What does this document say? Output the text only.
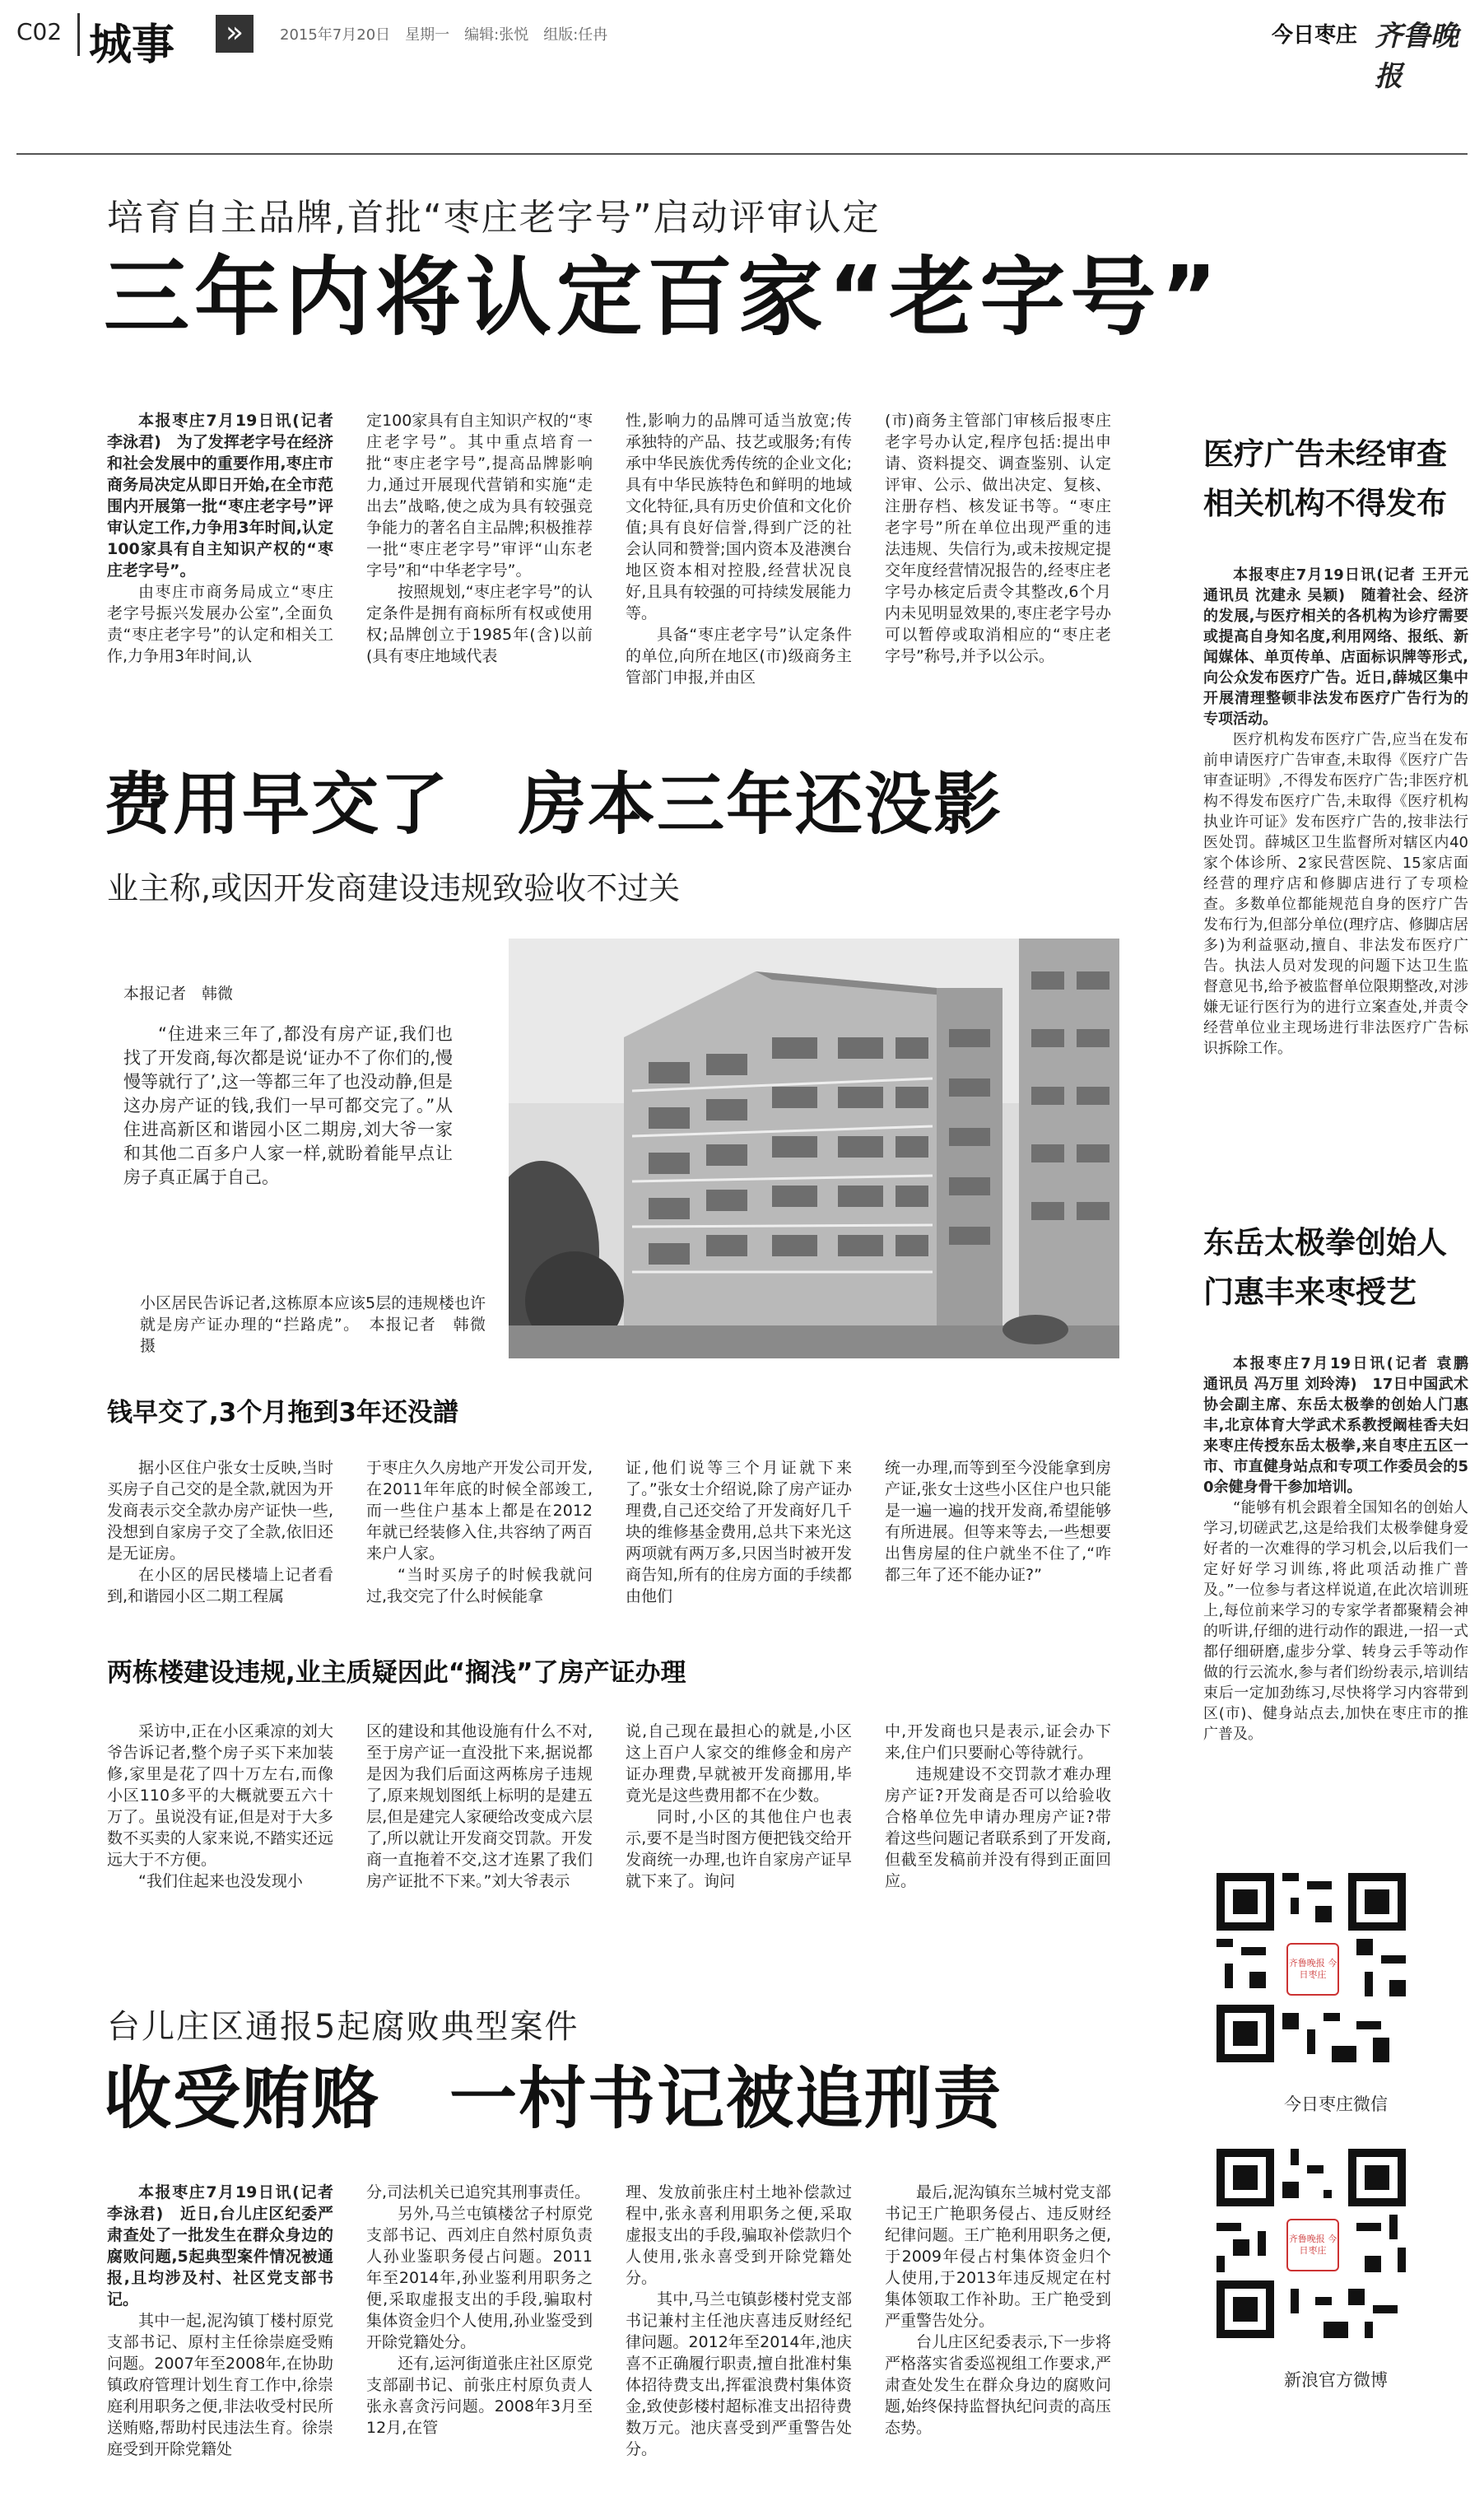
C02 城事	»	2015年7月20日　星期一　编辑:张悦　组版:任冉	今日枣庄 齐鲁晚报
培育自主品牌,首批“枣庄老字号”启动评审认定
三年内将认定百家“老字号”

本报枣庄7月19日讯(记者 李泳君)　为了发挥老字号在经济和社会发展中的重要作用,枣庄市商务局决定从即日开始,在全市范围内开展第一批“枣庄老字号”评审认定工作,力争用3年时间,认定100家具有自主知识产权的“枣庄老字号”。

由枣庄市商务局成立“枣庄老字号振兴发展办公室”,全面负责“枣庄老字号”的认定和相关工作,力争用3年时间,认

定100家具有自主知识产权的“枣庄老字号”。其中重点培育一批“枣庄老字号”,提高品牌影响力,通过开展现代营销和实施“走出去”战略,使之成为具有较强竞争能力的著名自主品牌;积极推荐一批“枣庄老字号”审评“山东老字号”和“中华老字号”。

按照规划,“枣庄老字号”的认定条件是拥有商标所有权或使用权;品牌创立于1985年(含)以前(具有枣庄地域代表

性,影响力的品牌可适当放宽;传承独特的产品、技艺或服务;有传承中华民族优秀传统的企业文化;具有中华民族特色和鲜明的地域文化特征,具有历史价值和文化价值;具有良好信誉,得到广泛的社会认同和赞誉;国内资本及港澳台地区资本相对控股,经营状况良好,且具有较强的可持续发展能力等。

具备“枣庄老字号”认定条件的单位,向所在地区(市)级商务主管部门申报,并由区

(市)商务主管部门审核后报枣庄老字号办认定,程序包括:提出申请、资料提交、调查鉴别、认定评审、公示、做出决定、复核、注册存档、核发证书等。“枣庄老字号”所在单位出现严重的违法违规、失信行为,或未按规定提交年度经营情况报告的,经枣庄老字号办核定后责令其整改,6个月内未见明显效果的,枣庄老字号办可以暂停或取消相应的“枣庄老字号”称号,并予以公示。

费用早交了　房本三年还没影
业主称,或因开发商建设违规致验收不过关
本报记者　韩微

“住进来三年了,都没有房产证,我们也找了开发商,每次都是说‘证办不了你们的,慢慢等就行了’,这一等都三年了也没动静,但是这办房产证的钱,我们一早可都交完了。”从住进高新区和谐园小区二期房,刘大爷一家和其他二百多户人家一样,就盼着能早点让房子真正属于自己。

小区居民告诉记者,这栋原本应该5层的违规楼也许就是房产证办理的“拦路虎”。　本报记者　韩微　摄

钱早交了,3个月拖到3年还没譜

据小区住户张女士反映,当时买房子自己交的是全款,就因为开发商表示交全款办房产证快一些,没想到自家房子交了全款,依旧还是无证房。

在小区的居民楼墙上记者看到,和谐园小区二期工程属

于枣庄久久房地产开发公司开发,在2011年年底的时候全部竣工,而一些住户基本上都是在2012年就已经装修入住,共容纳了两百来户人家。

“当时买房子的时候我就问过,我交完了什么时候能拿

证,他们说等三个月证就下来了。”张女士介绍说,除了房产证办理费,自己还交给了开发商好几千块的维修基金费用,总共下来光这两项就有两万多,只因当时被开发商告知,所有的住房方面的手续都由他们

统一办理,而等到至今没能拿到房产证,张女士这些小区住户也只能是一遍一遍的找开发商,希望能够有所进展。但等来等去,一些想要出售房屋的住户就坐不住了,“咋都三年了还不能办证?”

两栋楼建设违规,业主质疑因此“搁浅”了房产证办理

采访中,正在小区乘凉的刘大爷告诉记者,整个房子买下来加装修,家里是花了四十万左右,而像小区110多平的大概就要五六十万了。虽说没有证,但是对于大多数不买卖的人家来说,不踏实还远远大于不方便。

“我们住起来也没发现小

区的建设和其他设施有什么不对,至于房产证一直没批下来,据说都是因为我们后面这两栋房子违规了,原来规划图纸上标明的是建五层,但是建完人家硬给改变成六层了,所以就让开发商交罚款。开发商一直拖着不交,这才连累了我们房产证批不下来。”刘大爷表示

说,自己现在最担心的就是,小区这上百户人家交的维修金和房产证办理费,早就被开发商挪用,毕竟光是这些费用都不在少数。

同时,小区的其他住户也表示,要不是当时图方便把钱交给开发商统一办理,也许自家房产证早就下来了。询问

中,开发商也只是表示,证会办下来,住户们只要耐心等待就行。

违规建设不交罚款才难办理房产证?开发商是否可以给验收合格单位先申请办理房产证?带着这些问题记者联系到了开发商,但截至发稿前并没有得到正面回应。

台儿庄区通报5起腐败典型案件
收受贿赂　一村书记被追刑责

本报枣庄7月19日讯(记者 李泳君)　近日,台儿庄区纪委严肃查处了一批发生在群众身边的腐败问题,5起典型案件情况被通报,且均涉及村、社区党支部书记。

其中一起,泥沟镇丁楼村原党支部书记、原村主任徐崇庭受贿问题。2007年至2008年,在协助镇政府管理计划生育工作中,徐崇庭利用职务之便,非法收受村民所送贿赂,帮助村民违法生育。徐崇庭受到开除党籍处

分,司法机关已追究其刑事责任。

另外,马兰屯镇楼岔子村原党支部书记、西刘庄自然村原负责人孙业鉴职务侵占问题。2011年至2014年,孙业鉴利用职务之便,采取虚报支出的手段,骗取村集体资金归个人使用,孙业鉴受到开除党籍处分。

还有,运河街道张庄社区原党支部副书记、前张庄村原负责人张永喜贪污问题。2008年3月至12月,在管

理、发放前张庄村土地补偿款过程中,张永喜利用职务之便,采取虚报支出的手段,骗取补偿款归个人使用,张永喜受到开除党籍处分。

其中,马兰屯镇彭楼村党支部书记兼村主任池庆喜违反财经纪律问题。2012年至2014年,池庆喜不正确履行职责,擅自批准村集体招待费支出,挥霍浪费村集体资金,致使彭楼村超标准支出招待费数万元。池庆喜受到严重警告处分。

最后,泥沟镇东兰城村党支部书记王广艳职务侵占、违反财经纪律问题。王广艳利用职务之便,于2009年侵占村集体资金归个人使用,于2013年违反规定在村集体领取工作补助。王广艳受到严重警告处分。

台儿庄区纪委表示,下一步将严格落实省委巡视组工作要求,严肃查处发生在群众身边的腐败问题,始终保持监督执纪问责的高压态势。

医疗广告未经审查相关机构不得发布

本报枣庄7月19日讯(记者 王开元　通讯员 沈建永 吴颖)　随着社会、经济的发展,与医疗相关的各机构为诊疗需要或提高自身知名度,利用网络、报纸、新闻媒体、单页传单、店面标识牌等形式,向公众发布医疗广告。近日,薛城区集中开展清理整顿非法发布医疗广告行为的专项活动。

医疗机构发布医疗广告,应当在发布前申请医疗广告审查,未取得《医疗广告审查证明》,不得发布医疗广告;非医疗机构不得发布医疗广告,未取得《医疗机构执业许可证》发布医疗广告的,按非法行医处罚。薛城区卫生监督所对辖区内40家个体诊所、2家民营医院、15家店面经营的理疗店和修脚店进行了专项检查。多数单位都能规范自身的医疗广告发布行为,但部分单位(理疗店、修脚店居多)为利益驱动,擅自、非法发布医疗广告。执法人员对发现的问题下达卫生监督意见书,给予被监督单位限期整改,对涉嫌无证行医行为的进行立案查处,并责令经营单位业主现场进行非法医疗广告标识拆除工作。

东岳太极拳创始人门惠丰来枣授艺

本报枣庄7月19日讯(记者 袁鹏　通讯员 冯万里 刘玲涛)　17日中国武术协会副主席、东岳太极拳的创始人门惠丰,北京体育大学武术系教授阚桂香夫妇来枣庄传授东岳太极拳,来自枣庄五区一市、市直健身站点和专项工作委员会的50余健身骨干参加培训。

“能够有机会跟着全国知名的创始人学习,切磋武艺,这是给我们太极拳健身爱好者的一次难得的学习机会,以后我们一定好好学习训练,将此项活动推广普及。”一位参与者这样说道,在此次培训班上,每位前来学习的专家学者都聚精会神的听讲,仔细的进行动作的跟进,一招一式都仔细研磨,虚步分掌、转身云手等动作做的行云流水,参与者们纷纷表示,培训结束后一定加劲练习,尽快将学习内容带到区(市)、健身站点去,加快在枣庄市的推广普及。

齐鲁晚报 今日枣庄
今日枣庄微信
齐鲁晚报 今日枣庄
新浪官方微博
